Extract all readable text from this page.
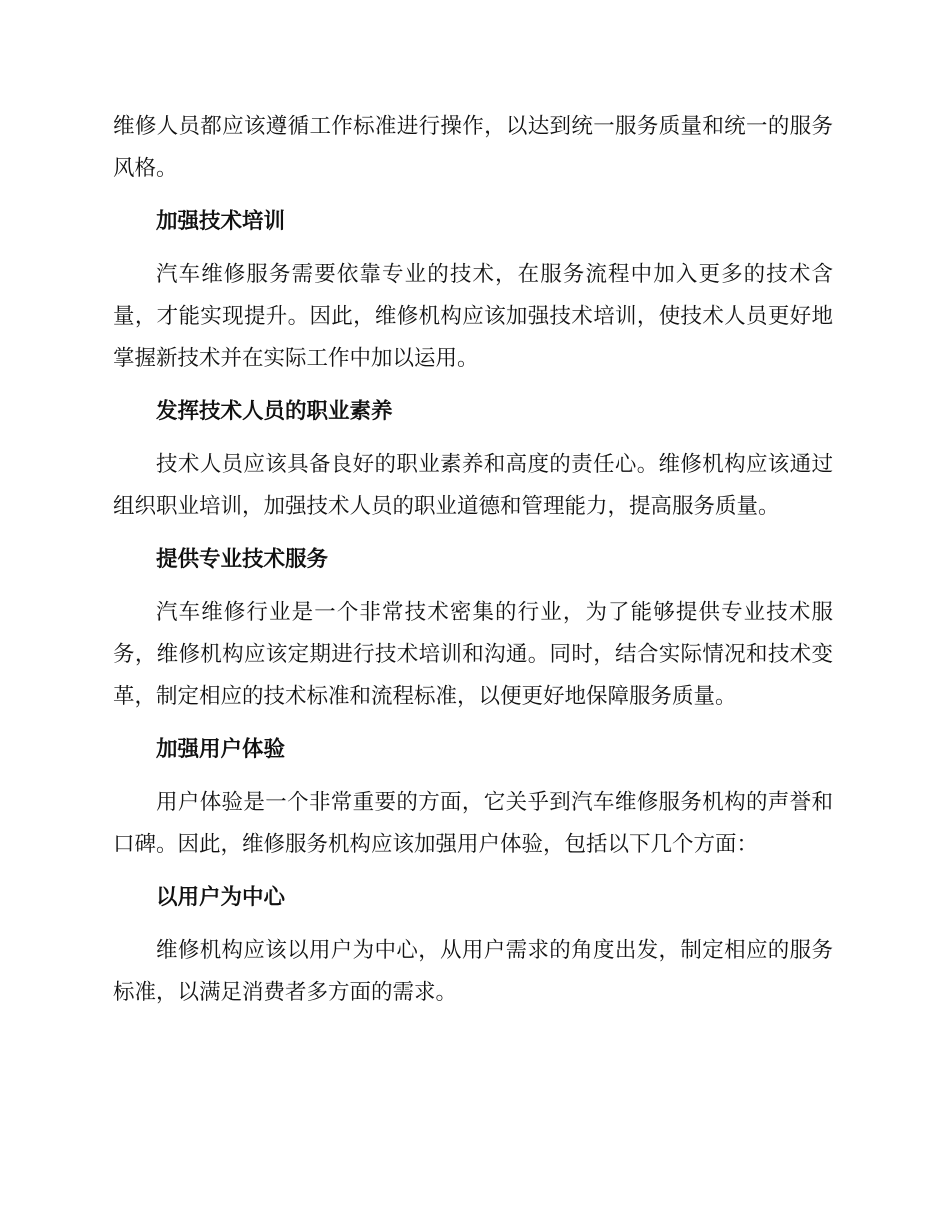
维修人员都应该遵循工作标准进行操作，以达到统一服务质量和统一的服务风格。

加强技术培训

汽车维修服务需要依靠专业的技术，在服务流程中加入更多的技术含量，才能实现提升。因此，维修机构应该加强技术培训，使技术人员更好地掌握新技术并在实际工作中加以运用。

发挥技术人员的职业素养

技术人员应该具备良好的职业素养和高度的责任心。维修机构应该通过组织职业培训，加强技术人员的职业道德和管理能力，提高服务质量。

提供专业技术服务

汽车维修行业是一个非常技术密集的行业，为了能够提供专业技术服务，维修机构应该定期进行技术培训和沟通。同时，结合实际情况和技术变革，制定相应的技术标准和流程标准，以便更好地保障服务质量。

加强用户体验

用户体验是一个非常重要的方面，它关乎到汽车维修服务机构的声誉和口碑。因此，维修服务机构应该加强用户体验，包括以下几个方面：

以用户为中心

维修机构应该以用户为中心，从用户需求的角度出发，制定相应的服务标准，以满足消费者多方面的需求。
